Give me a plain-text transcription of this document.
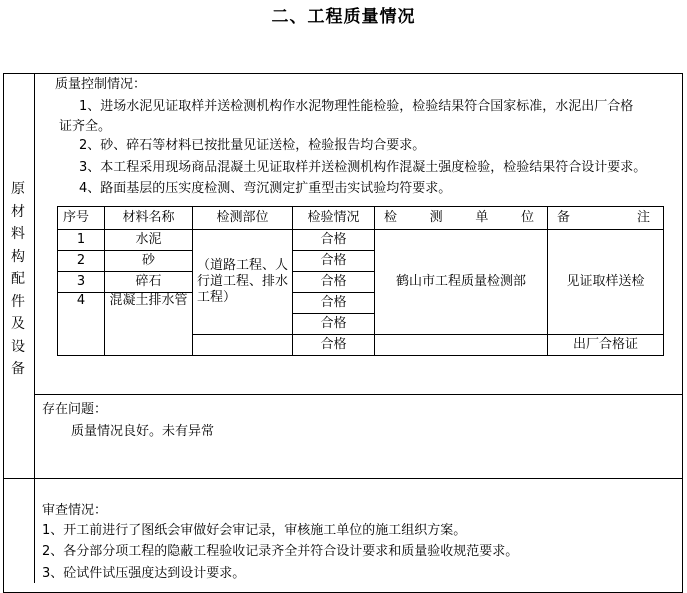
二、工程质量情况
原
材
料
构
配
件
及
设
备
质量控制情况：
1、进场水泥见证取样并送检测机构作水泥物理性能检验，检验结果符合国家标准，水泥出厂合格
证齐全。
2、砂、碎石等材料已按批量见证送检，检验报告均合要求。
3、本工程采用现场商品混凝土见证取样并送检测机构作混凝土强度检验，检验结果符合设计要求。
4、路面基层的压实度检测、弯沉测定扩重型击实试验均符要求。
序号	材料名称	检测部位	检验情况	检 测 单 位	备 注

1	水泥	（道路工程、人行道工程、排水工程）	合格	鹤山市工程质量检测部	见证取样送检
2	砂		合格		
3	碎石		合格		
4	混凝土排水管		合格		
			合格		
			合格		出厂合格证
存在问题：
质量情况良好。未有异常
审查情况：
1、开工前进行了图纸会审做好会审记录，审核施工单位的施工组织方案。
2、各分部分项工程的隐蔽工程验收记录齐全并符合设计要求和质量验收规范要求。
3、砼试件试压强度达到设计要求。
